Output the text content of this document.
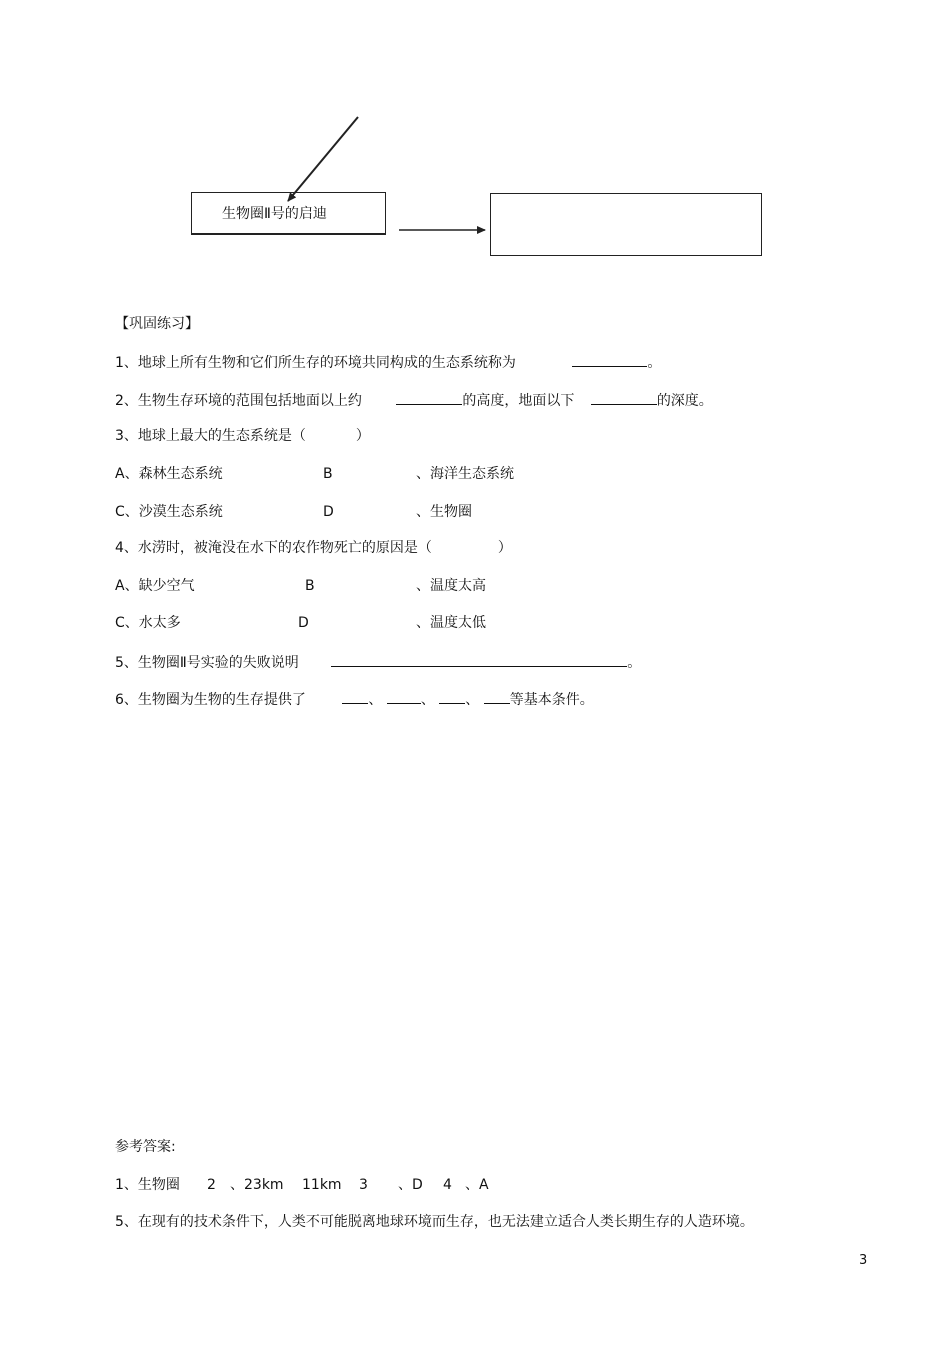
生物圈Ⅱ号的启迪
【巩固练习】
1、地球上所有生物和它们所生存的环境共同构成的生态系统称为	。
2、生物生存环境的范围包括地面以上约	的高度，地面以下	的深度。
3、地球上最大的生态系统是（	）
A、森林生态系统	B	、海洋生态系统
C、沙漠生态系统	D	、生物圈
4、水涝时，被淹没在水下的农作物死亡的原因是（	）
A、缺少空气	B	、温度太高
C、水太多	D	、温度太低
5、生物圈Ⅱ号实验的失败说明	。
6、生物圈为生物的生存提供了	、	、 、 等基本条件。
参考答案:
1、生物圈 2 、23km 11km 3 、D 4 、A
5、在现有的技术条件下，人类不可能脱离地球环境而生存，也无法建立适合人类长期生存的人造环境。
3
